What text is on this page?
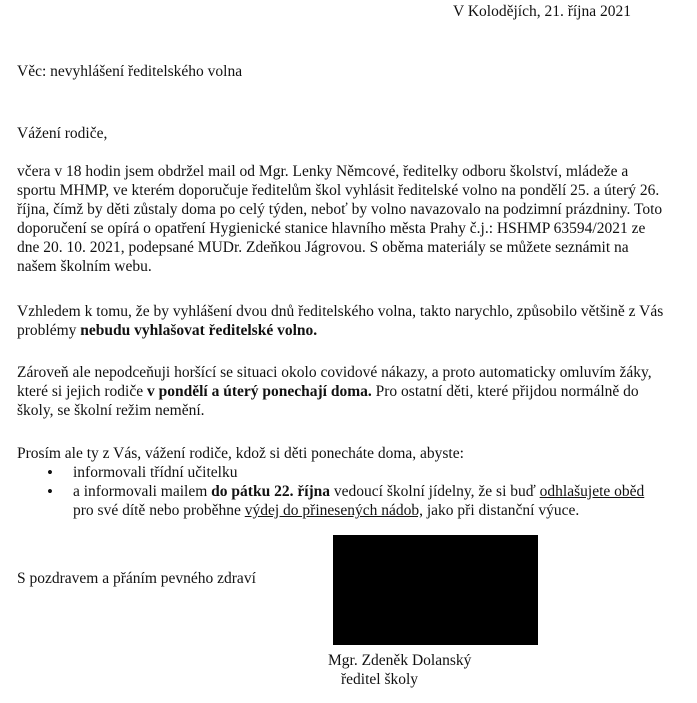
V Kolodějích, 21. října 2021

Věc: nevyhlášení ředitelského volna

Vážení rodiče,

včera v 18 hodin jsem obdržel mail od Mgr. Lenky Němcové, ředitelky odboru školství, mládeže a sportu MHMP, ve kterém doporučuje ředitelům škol vyhlásit ředitelské volno na pondělí 25. a úterý 26. října, čímž by děti zůstaly doma po celý týden, neboť by volno navazovalo na podzimní prázdniny. Toto doporučení se opírá o opatření Hygienické stanice hlavního města Prahy č.j.: HSHMP 63594/2021 ze dne 20. 10. 2021, podepsané MUDr. Zdeňkou Jágrovou. S oběma materiály se můžete seznámit na našem školním webu.

Vzhledem k tomu, že by vyhlášení dvou dnů ředitelského volna, takto narychlo, způsobilo většině z Vás problémy nebudu vyhlašovat ředitelské volno.

Zároveň ale nepodceňuji horšící se situaci okolo covidové nákazy, a proto automaticky omluvím žáky, které si jejich rodiče v pondělí a úterý ponechají doma. Pro ostatní děti, které přijdou normálně do školy, se školní režim nemění.

Prosím ale ty z Vás, vážení rodiče, kdož si děti ponecháte doma, abyste:

• informovali třídní učitelku
• a informovali mailem do pátku 22. října vedoucí školní jídelny, že si buď odhlašujete oběd pro své dítě nebo proběhne výdej do přinesených nádob, jako při distanční výuce.

S pozdravem a přáním pevného zdraví

Mgr. Zdeněk Dolanský

ředitel školy
